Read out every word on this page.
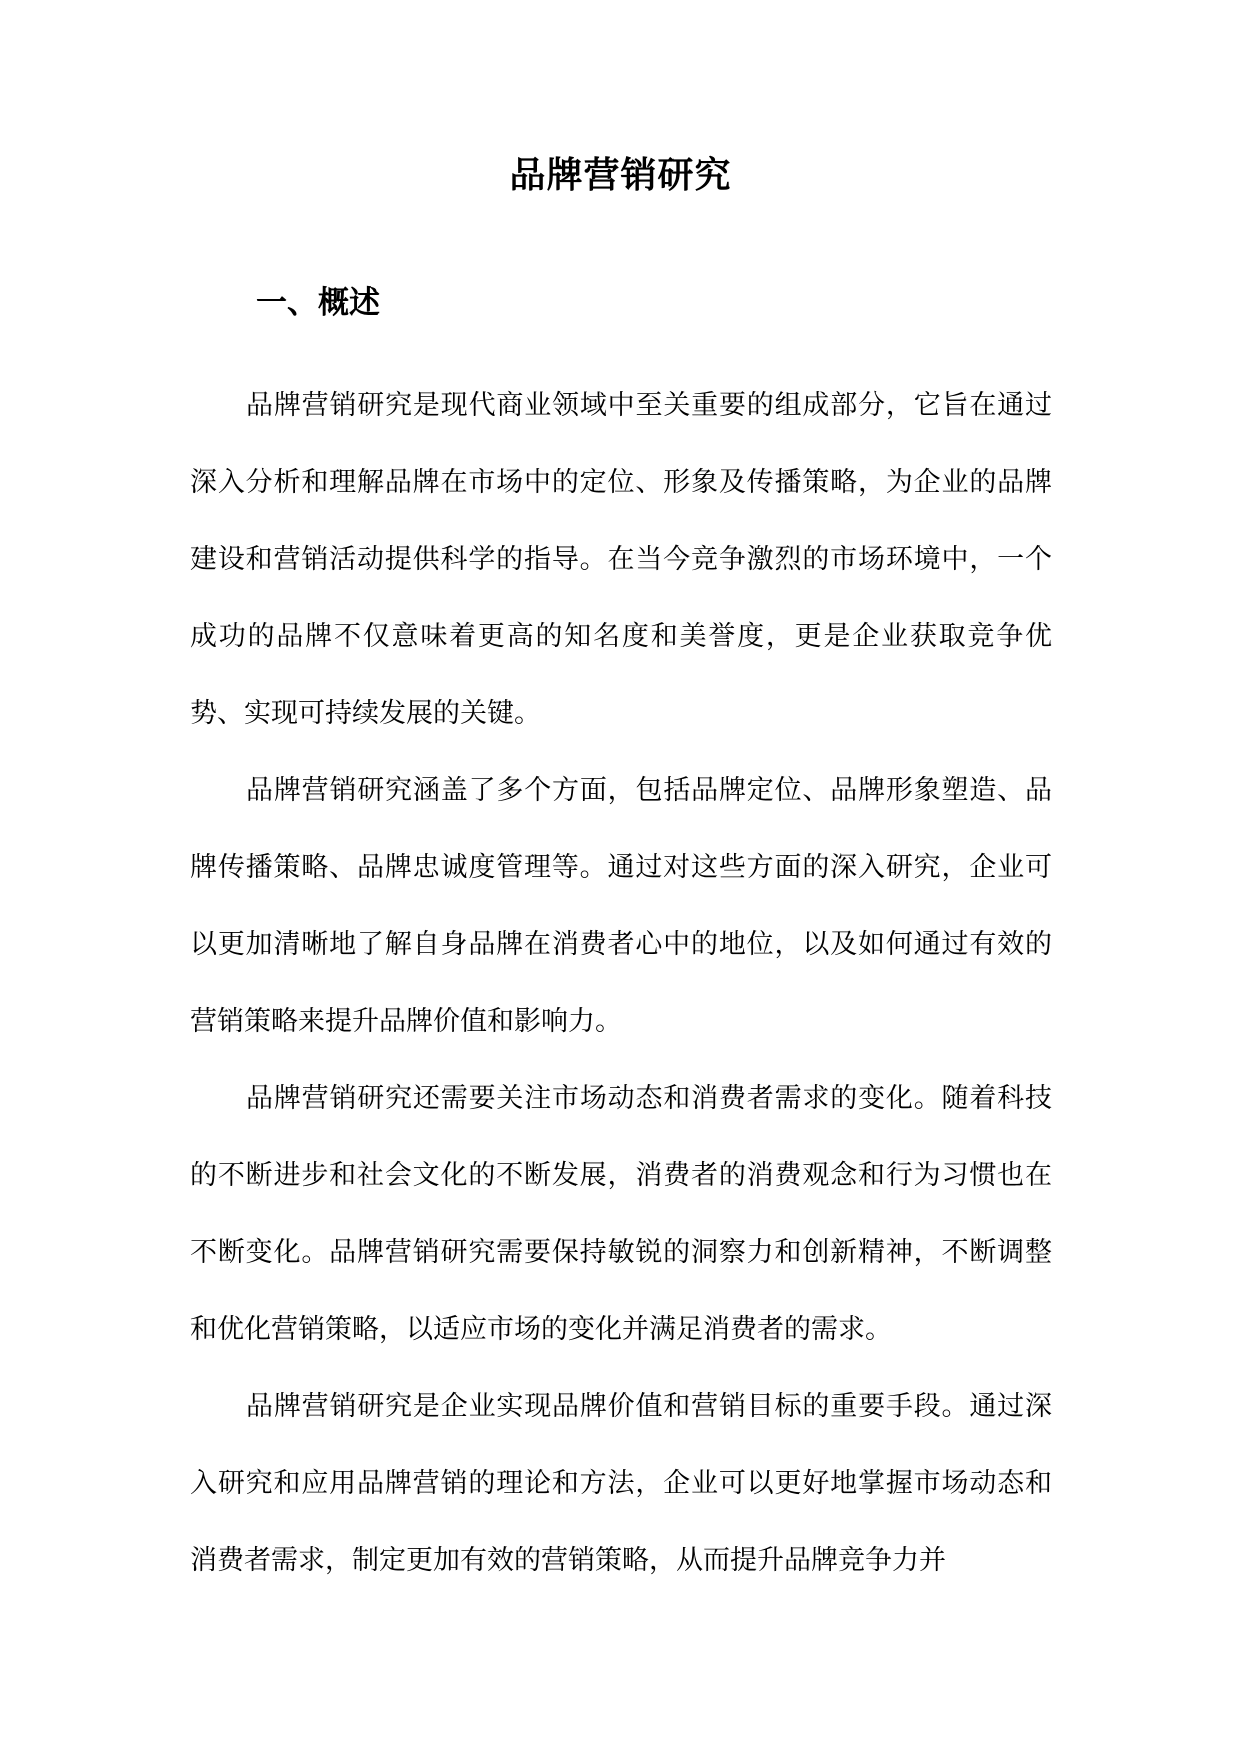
品牌营销研究
一、概述

品牌营销研究是现代商业领域中至关重要的组成部分，它旨在通过深入分析和理解品牌在市场中的定位、形象及传播策略，为企业的品牌建设和营销活动提供科学的指导。在当今竞争激烈的市场环境中，一个成功的品牌不仅意味着更高的知名度和美誉度，更是企业获取竞争优势、实现可持续发展的关键。

品牌营销研究涵盖了多个方面，包括品牌定位、品牌形象塑造、品牌传播策略、品牌忠诚度管理等。通过对这些方面的深入研究，企业可以更加清晰地了解自身品牌在消费者心中的地位，以及如何通过有效的营销策略来提升品牌价值和影响力。

品牌营销研究还需要关注市场动态和消费者需求的变化。随着科技的不断进步和社会文化的不断发展，消费者的消费观念和行为习惯也在不断变化。品牌营销研究需要保持敏锐的洞察力和创新精神，不断调整和优化营销策略，以适应市场的变化并满足消费者的需求。

品牌营销研究是企业实现品牌价值和营销目标的重要手段。通过深入研究和应用品牌营销的理论和方法，企业可以更好地掌握市场动态和消费者需求，制定更加有效的营销策略，从而提升品牌竞争力并
